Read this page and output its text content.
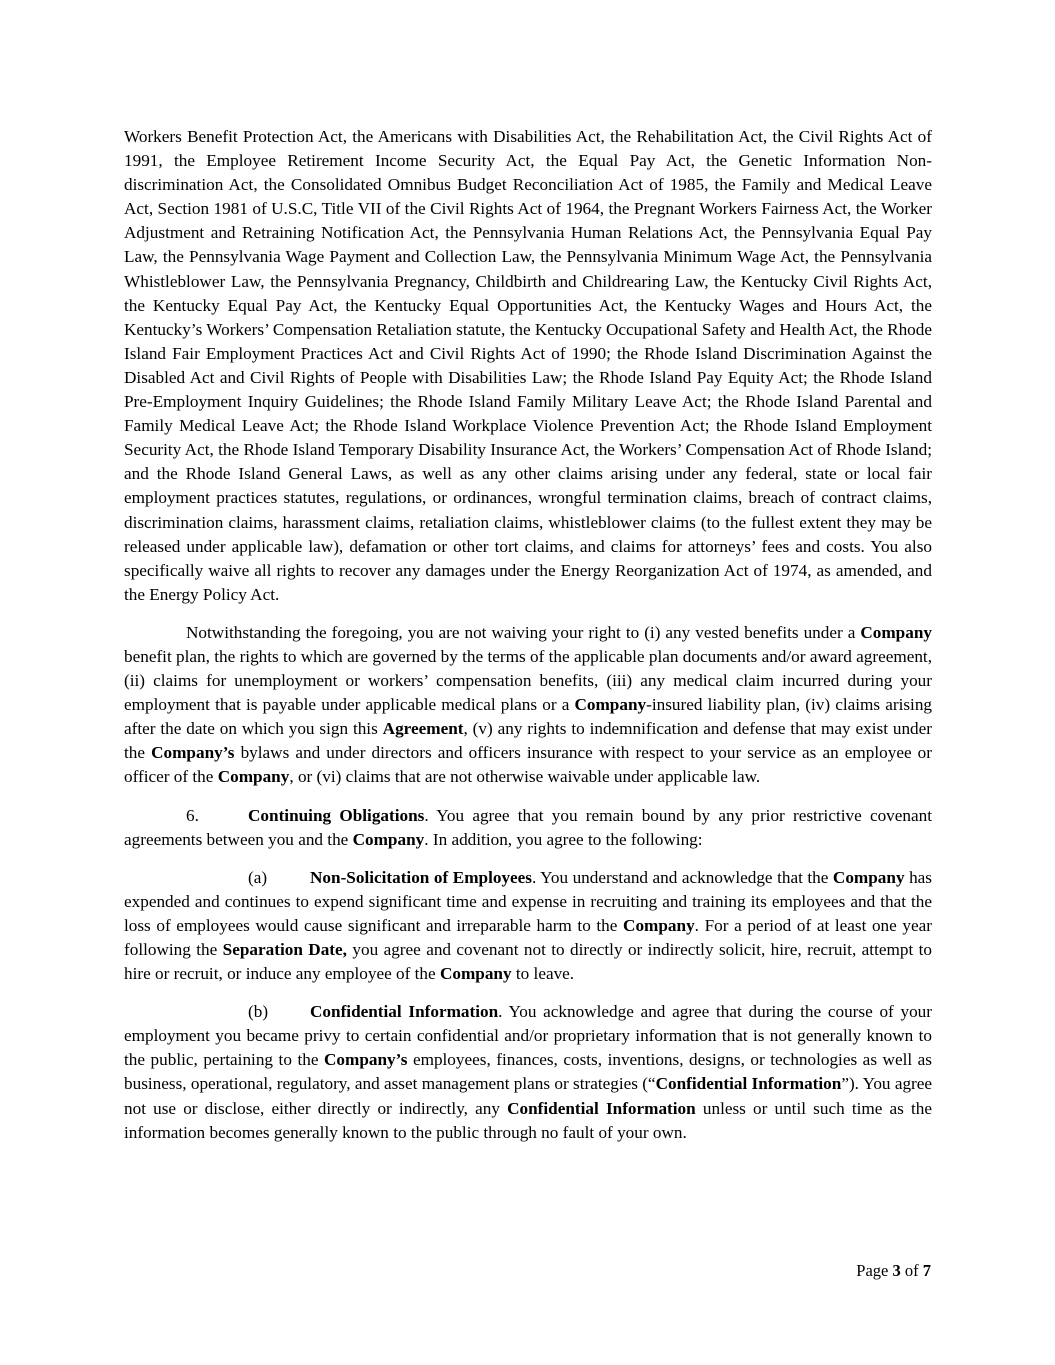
Workers Benefit Protection Act, the Americans with Disabilities Act, the Rehabilitation Act, the Civil Rights Act of 1991, the Employee Retirement Income Security Act, the Equal Pay Act, the Genetic Information Non-discrimination Act, the Consolidated Omnibus Budget Reconciliation Act of 1985, the Family and Medical Leave Act, Section 1981 of U.S.C, Title VII of the Civil Rights Act of 1964, the Pregnant Workers Fairness Act, the Worker Adjustment and Retraining Notification Act, the Pennsylvania Human Relations Act, the Pennsylvania Equal Pay Law, the Pennsylvania Wage Payment and Collection Law, the Pennsylvania Minimum Wage Act, the Pennsylvania Whistleblower Law, the Pennsylvania Pregnancy, Childbirth and Childrearing Law, the Kentucky Civil Rights Act, the Kentucky Equal Pay Act, the Kentucky Equal Opportunities Act, the Kentucky Wages and Hours Act, the Kentucky’s Workers’ Compensation Retaliation statute, the Kentucky Occupational Safety and Health Act, the Rhode Island Fair Employment Practices Act and Civil Rights Act of 1990; the Rhode Island Discrimination Against the Disabled Act and Civil Rights of People with Disabilities Law; the Rhode Island Pay Equity Act; the Rhode Island Pre-Employment Inquiry Guidelines; the Rhode Island Family Military Leave Act; the Rhode Island Parental and Family Medical Leave Act; the Rhode Island Workplace Violence Prevention Act; the Rhode Island Employment Security Act, the Rhode Island Temporary Disability Insurance Act, the Workers’ Compensation Act of Rhode Island; and the Rhode Island General Laws, as well as any other claims arising under any federal, state or local fair employment practices statutes, regulations, or ordinances, wrongful termination claims, breach of contract claims, discrimination claims, harassment claims, retaliation claims, whistleblower claims (to the fullest extent they may be released under applicable law), defamation or other tort claims, and claims for attorneys’ fees and costs. You also specifically waive all rights to recover any damages under the Energy Reorganization Act of 1974, as amended, and the Energy Policy Act.

Notwithstanding the foregoing, you are not waiving your right to (i) any vested benefits under a Company benefit plan, the rights to which are governed by the terms of the applicable plan documents and/or award agreement, (ii) claims for unemployment or workers’ compensation benefits, (iii) any medical claim incurred during your employment that is payable under applicable medical plans or a Company-insured liability plan, (iv) claims arising after the date on which you sign this Agreement, (v) any rights to indemnification and defense that may exist under the Company’s bylaws and under directors and officers insurance with respect to your service as an employee or officer of the Company, or (vi) claims that are not otherwise waivable under applicable law.

6.	Continuing Obligations. You agree that you remain bound by any prior restrictive covenant agreements between you and the Company. In addition, you agree to the following:

(a) Non-Solicitation of Employees. You understand and acknowledge that the Company has expended and continues to expend significant time and expense in recruiting and training its employees and that the loss of employees would cause significant and irreparable harm to the Company. For a period of at least one year following the Separation Date, you agree and covenant not to directly or indirectly solicit, hire, recruit, attempt to hire or recruit, or induce any employee of the Company to leave.

(b) Confidential Information. You acknowledge and agree that during the course of your employment you became privy to certain confidential and/or proprietary information that is not generally known to the public, pertaining to the Company’s employees, finances, costs, inventions, designs, or technologies as well as business, operational, regulatory, and asset management plans or strategies (“Confidential Information”). You agree not use or disclose, either directly or indirectly, any Confidential Information unless or until such time as the information becomes generally known to the public through no fault of your own.

Page 3 of 7
